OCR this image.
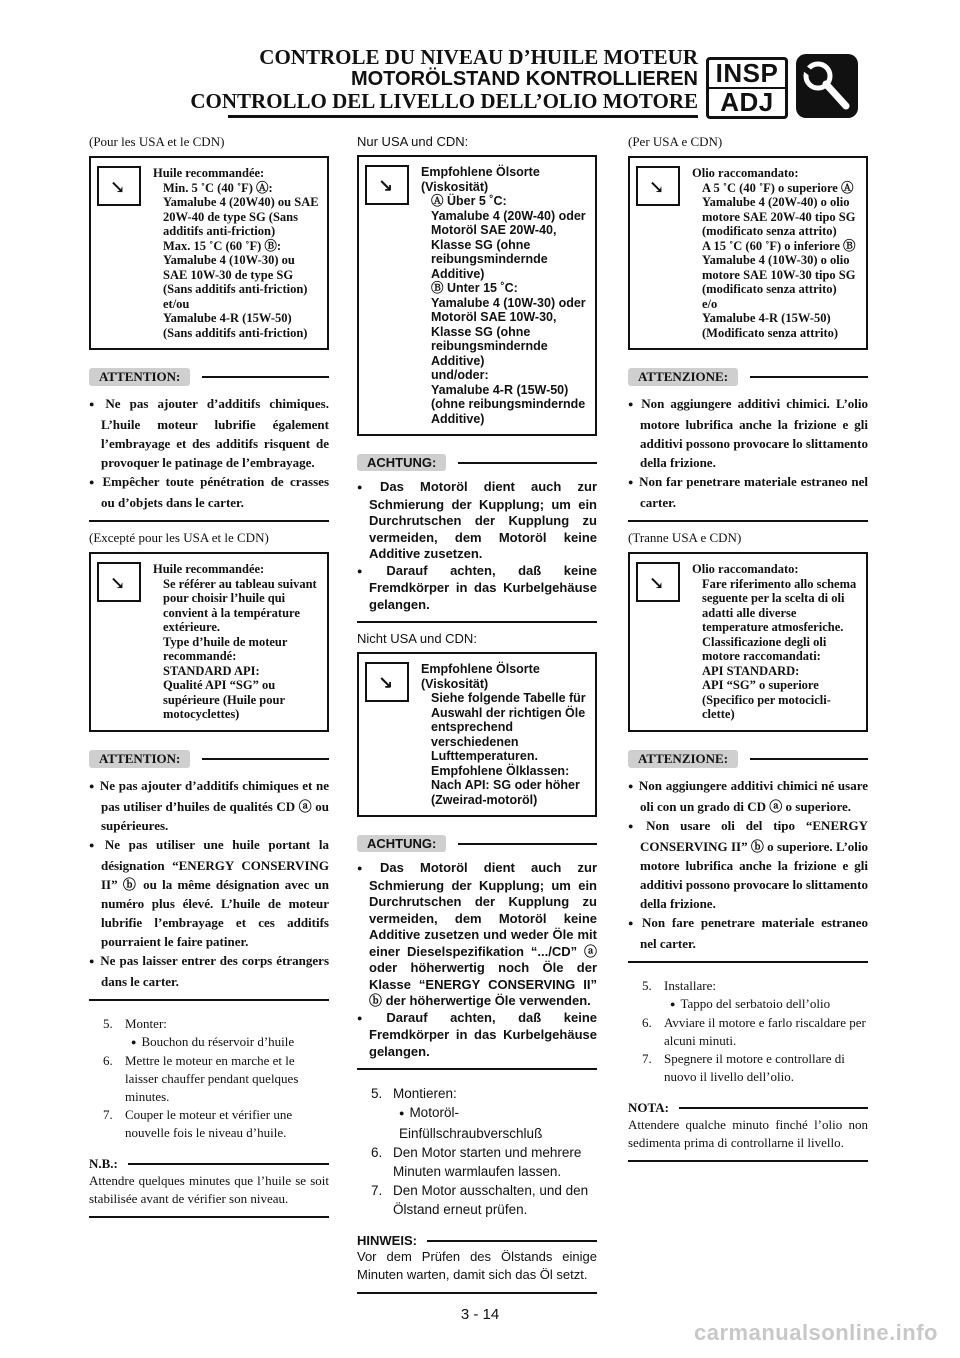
CONTROLE DU NIVEAU D’HUILE MOTEUR
MOTORÖLSTAND KONTROLLIEREN
CONTROLLO DEL LIVELLO DELL’OLIO MOTORE
INSP
ADJ
(Pour les USA et le CDN)
↘
Huile recommandée:
Min. 5 ˚C (40 ˚F) Ⓐ:
Yamalube 4 (20W40) ou SAE 20W-40 de type SG (Sans additifs anti-friction)
Max. 15 ˚C (60 ˚F) Ⓑ:
Yamalube 4 (10W-30) ou SAE 10W-30 de type SG (Sans additifs anti-friction)
et/ou
Yamalube 4-R (15W-50) (Sans additifs anti-friction)
ATTENTION:
● Ne pas ajouter d’additifs chimiques. L’huile moteur lubrifie également l’embrayage et des additifs risquent de provoquer le patinage de l’embrayage.
● Empêcher toute pénétration de crasses ou d’objets dans le carter.
(Excepté pour les USA et le CDN)
↘
Huile recommandée:
Se référer au tableau suivant pour choisir l’huile qui convient à la température extérieure.
Type d’huile de moteur recommandé:
STANDARD API:
Qualité API “SG” ou supérieure (Huile pour motocyclettes)
ATTENTION:
● Ne pas ajouter d’additifs chimiques et ne pas utiliser d’huiles de qualités CD ⓐ ou supérieures.
● Ne pas utiliser une huile portant la désignation “ENERGY CONSERVING II” ⓑ ou la même désignation avec un numéro plus élevé. L’huile de moteur lubrifie l’embrayage et ces additifs pourraient le faire patiner.
● Ne pas laisser entrer des corps étrangers dans le carter.
5. Monter:
● Bouchon du réservoir d’huile
6. Mettre le moteur en marche et le laisser chauffer pendant quelques minutes.
7. Couper le moteur et vérifier une nouvelle fois le niveau d’huile.
N.B.:
Attendre quelques minutes que l’huile se soit stabilisée avant de vérifier son niveau.
Nur USA und CDN:
↘
Empfohlene Ölsorte (Viskosität)
Ⓐ Über 5 ˚C:
Yamalube 4 (20W-40) oder Motoröl SAE 20W-40, Klasse SG (ohne reibungsmindernde Additive)
Ⓑ Unter 15 ˚C:
Yamalube 4 (10W-30) oder Motoröl SAE 10W-30, Klasse SG (ohne reibungsmindernde Additive)
und/oder:
Yamalube 4-R (15W-50) (ohne reibungsmindernde Additive)
ACHTUNG:
● Das Motoröl dient auch zur Schmierung der Kupplung; um ein Durchrutschen der Kupplung zu vermeiden, dem Motoröl keine Additive zusetzen.
● Darauf achten, daß keine Fremdkörper in das Kurbelgehäuse gelangen.
Nicht USA und CDN:
↘
Empfohlene Ölsorte (Viskosität)
Siehe folgende Tabelle für Auswahl der richtigen Öle entsprechend verschiedenen Lufttemperaturen.
Empfohlene Ölklassen:
Nach API: SG oder höher (Zweirad-motoröl)
ACHTUNG:
● Das Motoröl dient auch zur Schmierung der Kupplung; um ein Durchrutschen der Kupplung zu vermeiden, dem Motoröl keine Additive zusetzen und weder Öle mit einer Dieselspezifikation “.../CD” ⓐ oder höherwertig noch Öle der Klasse “ENERGY CONSERVING II” ⓑ der höherwertige Öle verwenden.
● Darauf achten, daß keine Fremdkörper in das Kurbelgehäuse gelangen.
5. Montieren:
● Motoröl-Einfüllschraubverschluß
6. Den Motor starten und mehrere Minuten warmlaufen lassen.
7. Den Motor ausschalten, und den Ölstand erneut prüfen.
HINWEIS:
Vor dem Prüfen des Ölstands einige Minuten warten, damit sich das Öl setzt.
(Per USA e CDN)
↘
Olio raccomandato:
A 5 ˚C (40 ˚F) o superiore Ⓐ
Yamalube 4 (20W-40) o olio motore SAE 20W-40 tipo SG (modificato senza attrito)
A 15 ˚C (60 ˚F) o inferiore Ⓑ
Yamalube 4 (10W-30) o olio motore SAE 10W-30 tipo SG (modificato senza attrito)
e/o
Yamalube 4-R (15W-50) (Modificato senza attrito)
ATTENZIONE:
● Non aggiungere additivi chimici. L’olio motore lubrifica anche la frizione e gli additivi possono provocare lo slittamento della frizione.
● Non far penetrare materiale estraneo nel carter.
(Tranne USA e CDN)
↘
Olio raccomandato:
Fare riferimento allo schema seguente per la scelta di oli adatti alle diverse temperature atmosferiche.
Classificazione degli oli motore raccomandati:
API STANDARD:
API “SG” o superiore (Specifico per motocicli-clette)
ATTENZIONE:
● Non aggiungere additivi chimici né usare oli con un grado di CD ⓐ o superiore.
● Non usare oli del tipo “ENERGY CONSERVING II” ⓑ o superiore. L’olio motore lubrifica anche la frizione e gli additivi possono provocare lo slittamento della frizione.
● Non fare penetrare materiale estraneo nel carter.
5. Installare:
● Tappo del serbatoio dell’olio
6. Avviare il motore e farlo riscaldare per alcuni minuti.
7. Spegnere il motore e controllare di nuovo il livello dell’olio.
NOTA:
Attendere qualche minuto finché l’olio non sedimenta prima di controllarne il livello.
3 - 14
carmanualsonline.info
